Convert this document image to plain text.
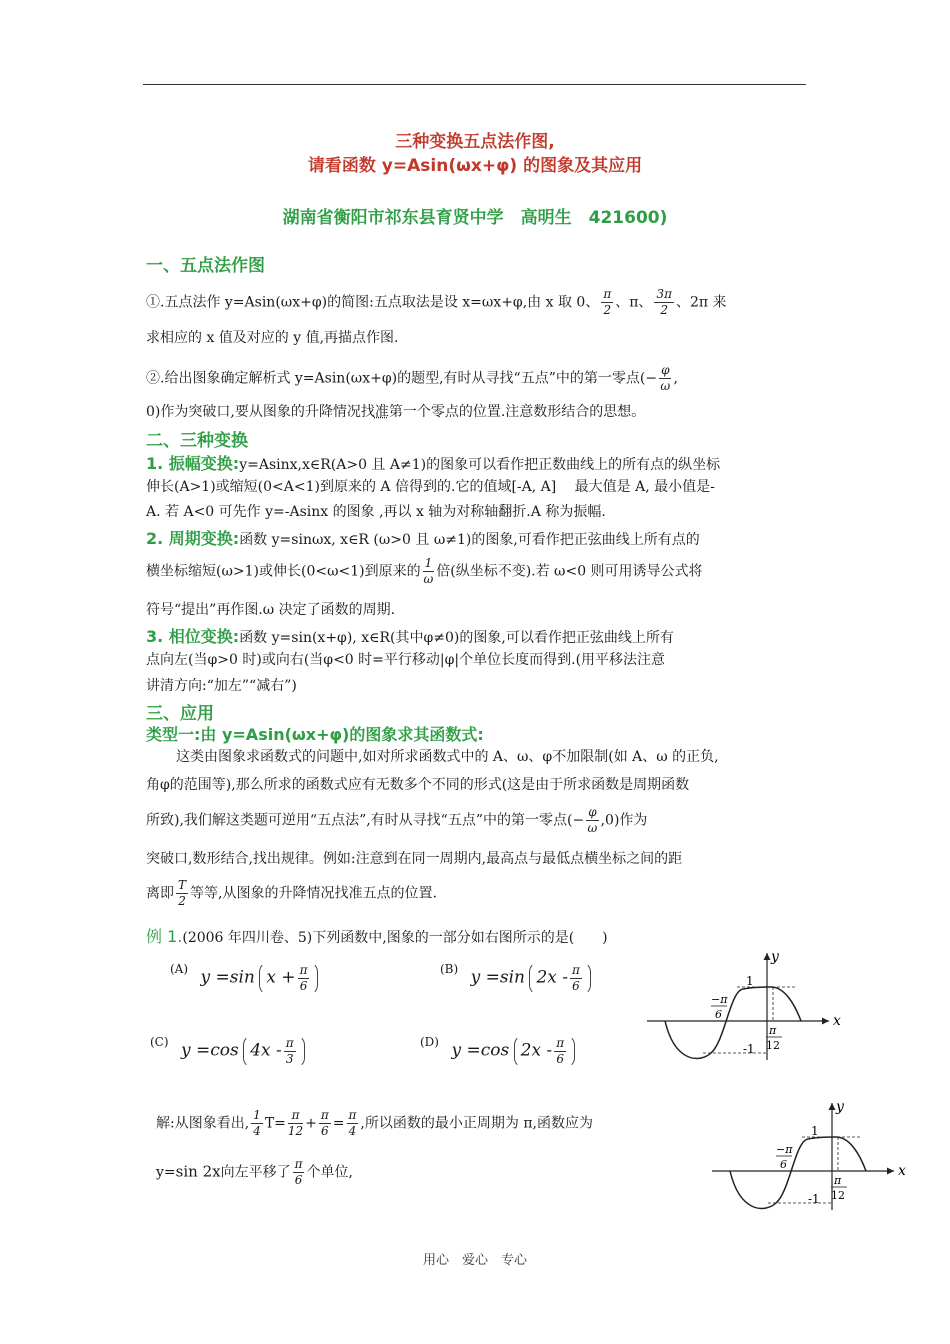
三种变换五点法作图,
请看函数 y=Asin(ωx+φ) 的图象及其应用
湖南省衡阳市祁东县育贤中学　高明生　421600)
一、五点法作图
①.五点法作 y=Asin(ωx+φ)的简图:五点取法是设 x=ωx+φ,由 x 取 0、 $\frac{\pi}{2}$ 、π、 $\frac{3\pi}{2}$ 、2π 来
求相应的 x 值及对应的 y 值,再描点作图.
②.给出图象确定解析式 y=Asin(ωx+φ)的题型,有时从寻找“五点”中的第一零点(− $\frac{\varphi}{\omega}$ ,
0)作为突破口,要从图象的升降情况找准第一个零点的位置.注意数形结合的思想。
二、三种变换
1. 振幅变换:y=Asinx,x∈R(A>0 且 A≠1)的图象可以看作把正数曲线上的所有点的纵坐标
伸长(A>1)或缩短(0<A<1)到原来的 A 倍得到的.它的值域[-A, A]　 最大值是 A, 最小值是-
A. 若 A<0 可先作 y=-Asinx 的图象 ,再以 x 轴为对称轴翻折.A 称为振幅.
2. 周期变换:函数 y=sinωx, x∈R (ω>0 且 ω≠1)的图象,可看作把正弦曲线上所有点的
横坐标缩短(ω>1)或伸长(0<ω<1)到原来的 $\frac{1}{\omega}$ 倍(纵坐标不变).若 ω<0 则可用诱导公式将
符号“提出”再作图.ω 决定了函数的周期.
3. 相位变换:函数 y=sin(x+φ), x∈R(其中φ≠0)的图象,可以看作把正弦曲线上所有
点向左(当φ>0 时)或向右(当φ<0 时=平行移动|φ|个单位长度而得到.(用平移法注意
讲清方向:“加左”“减右”)
三、应用
类型一:由 y=Asin(ωx+φ)的图象求其函数式:
这类由图象求函数式的问题中,如对所求函数式中的 A、ω、φ不加限制(如 A、ω 的正负,
角φ的范围等),那么所求的函数式应有无数多个不同的形式(这是由于所求函数是周期函数
所致),我们解这类题可逆用“五点法”,有时从寻找“五点”中的第一零点(− $\frac{\varphi}{\omega} ,0$)作为
突破口,数形结合,找出规律。例如:注意到在同一周期内,最高点与最低点横坐标之间的距
离即 $\frac{T}{2}$ 等等,从图象的升降情况找准五点的位置.
例 1.(2006 年四川卷、5)下列函数中,图象的一部分如右图所示的是(　　)
(A) y =sin $x + \frac{\pi}{6}$	(B) y =sin $2x - \frac{\pi}{6}$
(C) y =cos $4x - \frac{\pi}{3}$	(D) y =cos $2x - \frac{\pi}{6}$
y
x
1
-1
−π
6
π
12
解:从图象看出, $\frac{1}{4} T= \frac{\pi}{12} + \frac{\pi}{6} = \frac{\pi}{4}$ ,所以函数的最小正周期为 π,函数应为
y=sin 2x向左平移了 $\frac{\pi}{6}$ 个单位,
y
x
1
-1
−π
6
π
12
用心　爱心　专心
